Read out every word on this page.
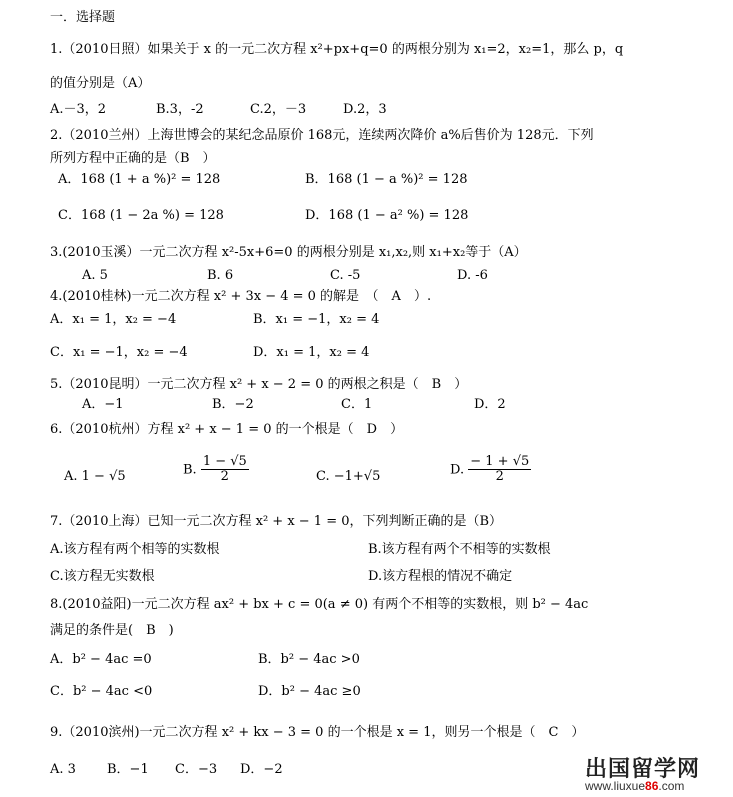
一．选择题
1.（2010日照）如果关于 x 的一元二次方程 x²+px+q=0 的两根分别为 x₁=2，x₂=1，那么 p，q
的值分别是（A）
A.－3，2	B.3，-2	C.2，－3	D.2，3
2.（2010兰州）上海世博会的某纪念品原价 168元，连续两次降价 a%后售价为 128元．下列
所列方程中正确的是（B　）
A．168 (1 + a %)² = 128	B．168 (1 − a %)² = 128
C．168 (1 − 2a %) = 128	D．168 (1 − a² %) = 128
3.(2010玉溪）一元二次方程 x²-5x+6=0 的两根分别是 x₁,x₂,则 x₁+x₂等于（A）
A. 5	B. 6	C. -5	D. -6
4.(2010桂林)一元二次方程 x² + 3x − 4 = 0 的解是　（　A　）.
A．x₁ = 1，x₂ = −4	B．x₁ = −1，x₂ = 4
C．x₁ = −1，x₂ = −4	D．x₁ = 1，x₂ = 4
5.（2010昆明）一元二次方程 x² + x − 2 = 0 的两根之积是（　B　）
A．−1	B．−2	C．1	D．2
6.（2010杭州）方程 x² + x − 1 = 0 的一个根是（　D　）
A. 1 − √5	B. $\frac{1 - √5}{2}$	C. −1+√5	D. $\frac{- 1 + √5}{2}$
7.（2010上海）已知一元二次方程 x² + x − 1 = 0，下列判断正确的是（B）
A.该方程有两个相等的实数根	B.该方程有两个不相等的实数根
C.该方程无实数根	D.该方程根的情况不确定
8.(2010益阳)一元二次方程 ax² + bx + c = 0(a ≠ 0) 有两个不相等的实数根，则 b² − 4ac
满足的条件是(　B　)
A．b² − 4ac =0	B．b² − 4ac >0
C．b² − 4ac <0	D．b² − 4ac ≥0
9.（2010滨州)一元二次方程 x² + kx − 3 = 0 的一个根是 x = 1，则另一个根是（　C　）
A. 3 B．−1 C．−3 D．−2	出国留学网
www.liuxue86.com
